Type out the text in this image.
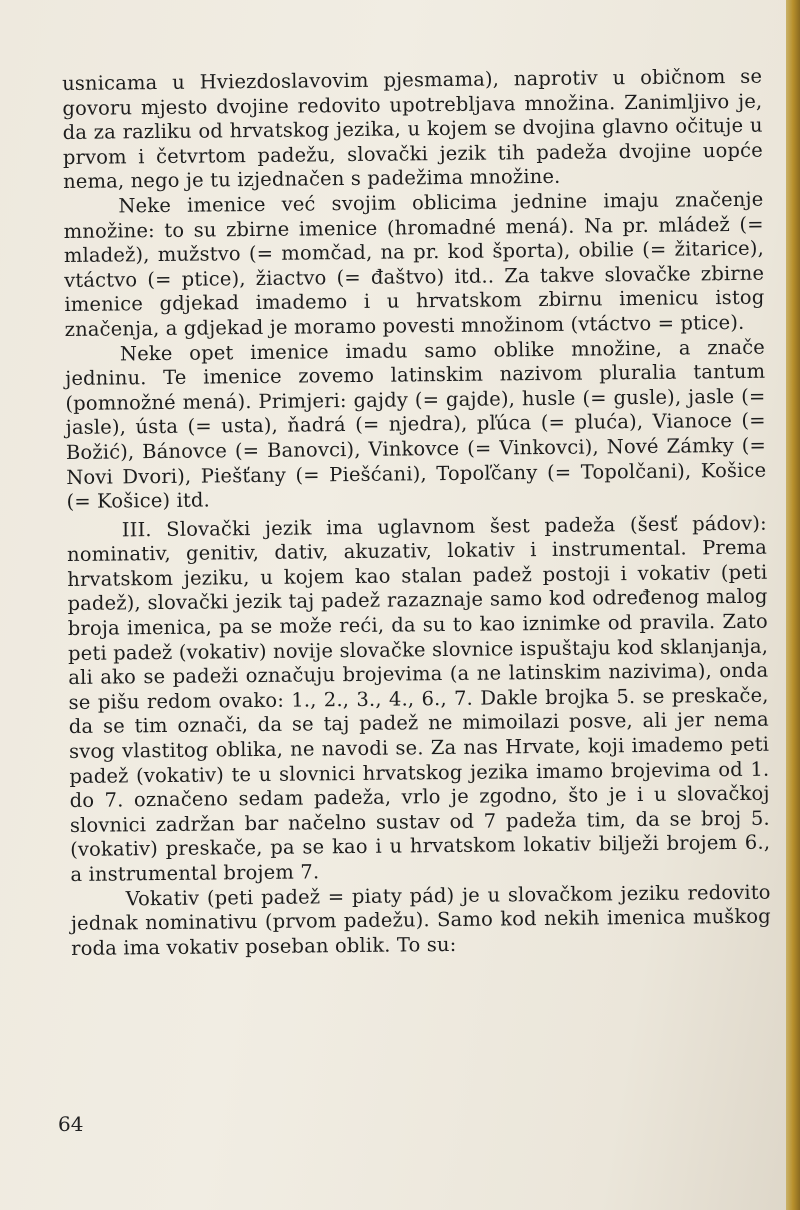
usnicama u Hviezdoslavovim pjesmama), naprotiv u običnom se govoru mjesto dvojine redovito upotrebljava množina. Zanimljivo je, da za razliku od hrvatskog jezika, u kojem se dvojina glavno očituje u prvom i četvrtom padežu, slovački jezik tih padeža dvojine uopće nema, nego je tu izjednačen s padežima množine.

Neke imenice već svojim oblicima jednine imaju značenje množine: to su zbirne imenice (hromadné mená). Na pr. mládež (= mladež), mužstvo (= momčad, na pr. kod športa), obilie (= žitarice), vtáctvo (= ptice), žiactvo (= đaštvo) itd.. Za takve slovačke zbirne imenice gdjekad imademo i u hrvatskom zbirnu imenicu istog značenja, a gdjekad je moramo povesti množinom (vtáctvo = ptice).

Neke opet imenice imadu samo oblike množine, a znače jedninu. Te imenice zovemo latinskim nazivom pluralia tantum (pomnožné mená). Primjeri: gajdy (= gajde), husle (= gusle), jasle (= jasle), ústa (= usta), ňadrá (= njedra), pľúca (= pluća), Vianoce (= Božić), Bánovce (= Banovci), Vinkovce (= Vinkovci), Nové Zámky (= Novi Dvori), Piešťany (= Piešćani), Topoľčany (= Topolčani), Košice (= Košice) itd.

III. Slovački jezik ima uglavnom šest padeža (šesť pádov): nominativ, genitiv, dativ, akuzativ, lokativ i instrumental. Prema hrvatskom jeziku, u kojem kao stalan padež postoji i vokativ (peti padež), slovački jezik taj padež razaznaje samo kod određenog malog broja imenica, pa se može reći, da su to kao iznimke od pravila. Zato peti padež (vokativ) novije slovačke slovnice ispuštaju kod sklanjanja, ali ako se padeži označuju brojevima (a ne latinskim nazivima), onda se pišu redom ovako: 1., 2., 3., 4., 6., 7. Dakle brojka 5. se preskače, da se tim označi, da se taj padež ne mimoilazi posve, ali jer nema svog vlastitog oblika, ne navodi se. Za nas Hrvate, koji imademo peti padež (vokativ) te u slovnici hrvatskog jezika imamo brojevima od 1. do 7. označeno sedam padeža, vrlo je zgodno, što je i u slovačkoj slovnici zadržan bar načelno sustav od 7 padeža tim, da se broj 5. (vokativ) preskače, pa se kao i u hrvatskom lokativ bilježi brojem 6., a instrumental brojem 7.

Vokativ (peti padež = piaty pád) je u slovačkom jeziku redovito jednak nominativu (prvom padežu). Samo kod nekih imenica muškog roda ima vokativ poseban oblik. To su:

64
